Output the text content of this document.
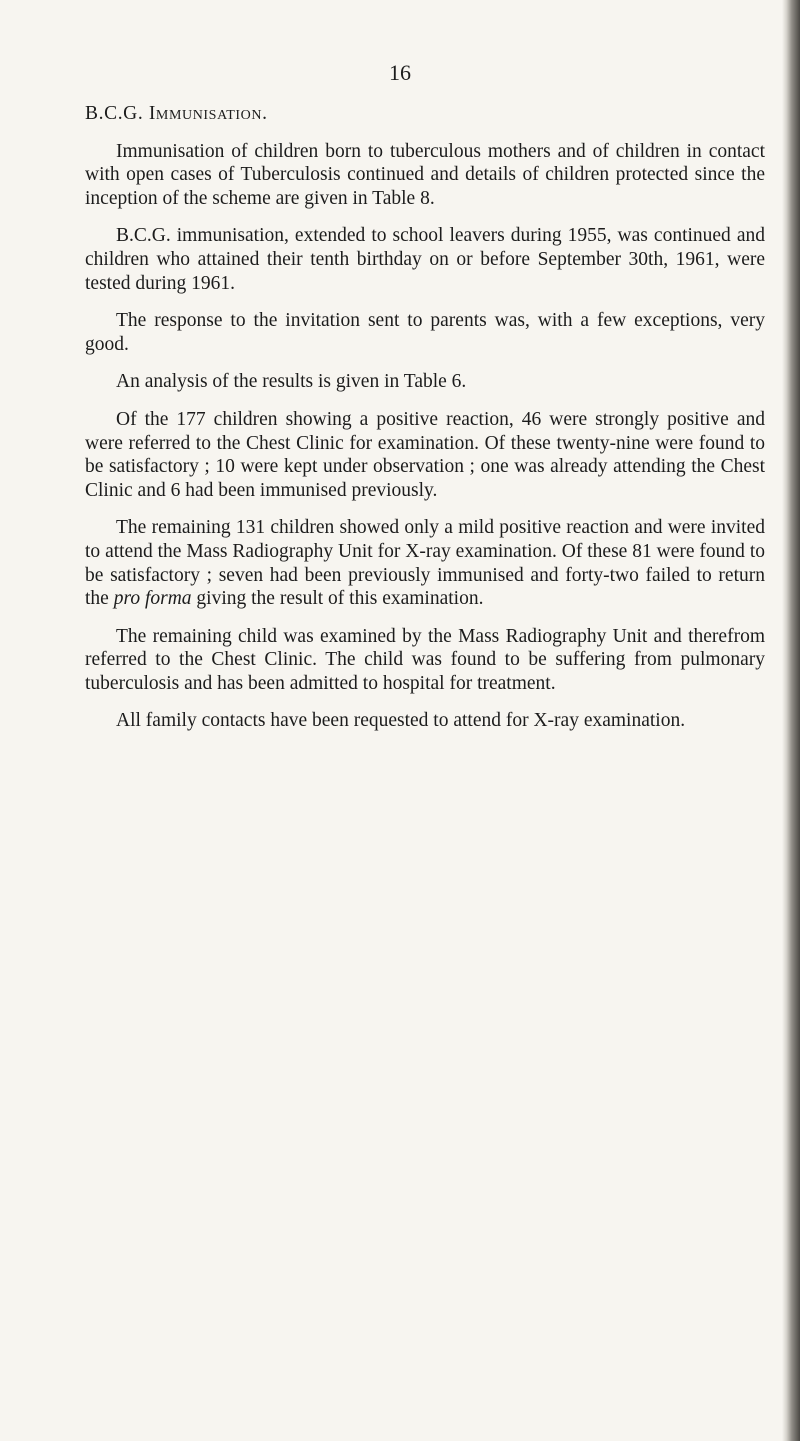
16
B.C.G. Immunisation.

Immunisation of children born to tuberculous mothers and of children in contact with open cases of Tuberculosis continued and details of children protected since the inception of the scheme are given in Table 8.

B.C.G. immunisation, extended to school leavers during 1955, was continued and children who attained their tenth birthday on or before September 30th, 1961, were tested during 1961.

The response to the invitation sent to parents was, with a few exceptions, very good.

An analysis of the results is given in Table 6.

Of the 177 children showing a positive reaction, 46 were strongly positive and were referred to the Chest Clinic for examination. Of these twenty-nine were found to be satisfactory ; 10 were kept under observation ; one was already attending the Chest Clinic and 6 had been immunised previously.

The remaining 131 children showed only a mild positive reaction and were invited to attend the Mass Radiography Unit for X-ray examination. Of these 81 were found to be satisfactory ; seven had been previously immunised and forty-two failed to return the pro forma giving the result of this examination.

The remaining child was examined by the Mass Radiography Unit and therefrom referred to the Chest Clinic. The child was found to be suffering from pulmonary tuberculosis and has been admitted to hospital for treatment.

All family contacts have been requested to attend for X-ray examination.
